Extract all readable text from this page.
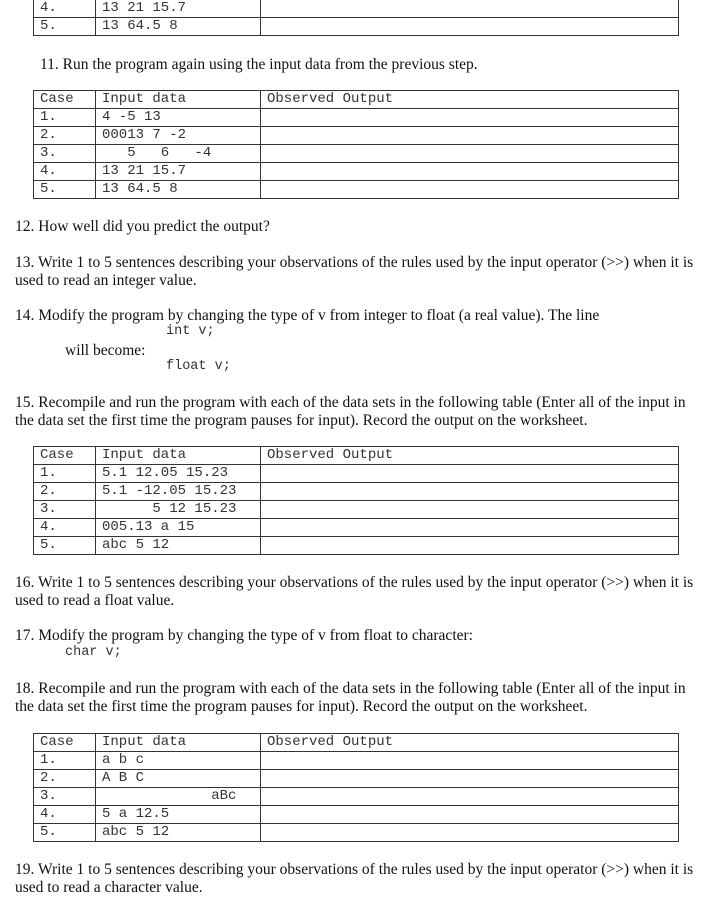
4.	13 21 15.7	
5.	13 64.5 8	
11. Run the program again using the input data from the previous step.
Case	Input data	Observed Output
1.	4 -5 13	
2.	00013 7 -2	
3.	5   6   -4	
4.	13 21 15.7	
5.	13 64.5 8	
12. How well did you predict the output?
13. Write 1 to 5 sentences describing your observations of the rules used by the input operator (>>) when it is used to read an integer value.
14. Modify the program by changing the type of v from integer to float (a real value). The line
int v;
will become:
float v;
15. Recompile and run the program with each of the data sets in the following table (Enter all of the input in the data set the first time the program pauses for input). Record the output on the worksheet.
Case	Input data	Observed Output
1.	5.1 12.05 15.23	
2.	5.1 -12.05 15.23	
3.	5 12 15.23	
4.	005.13 a 15	
5.	abc 5 12	
16. Write 1 to 5 sentences describing your observations of the rules used by the input operator (>>) when it is used to read a float value.
17. Modify the program by changing the type of v from float to character:
char v;
18. Recompile and run the program with each of the data sets in the following table (Enter all of the input in the data set the first time the program pauses for input). Record the output on the worksheet.
Case	Input data	Observed Output
1.	a b c	
2.	A B C	
3.	aBc	
4.	5 a 12.5	
5.	abc 5 12	
19. Write 1 to 5 sentences describing your observations of the rules used by the input operator (>>) when it is used to read a character value.
